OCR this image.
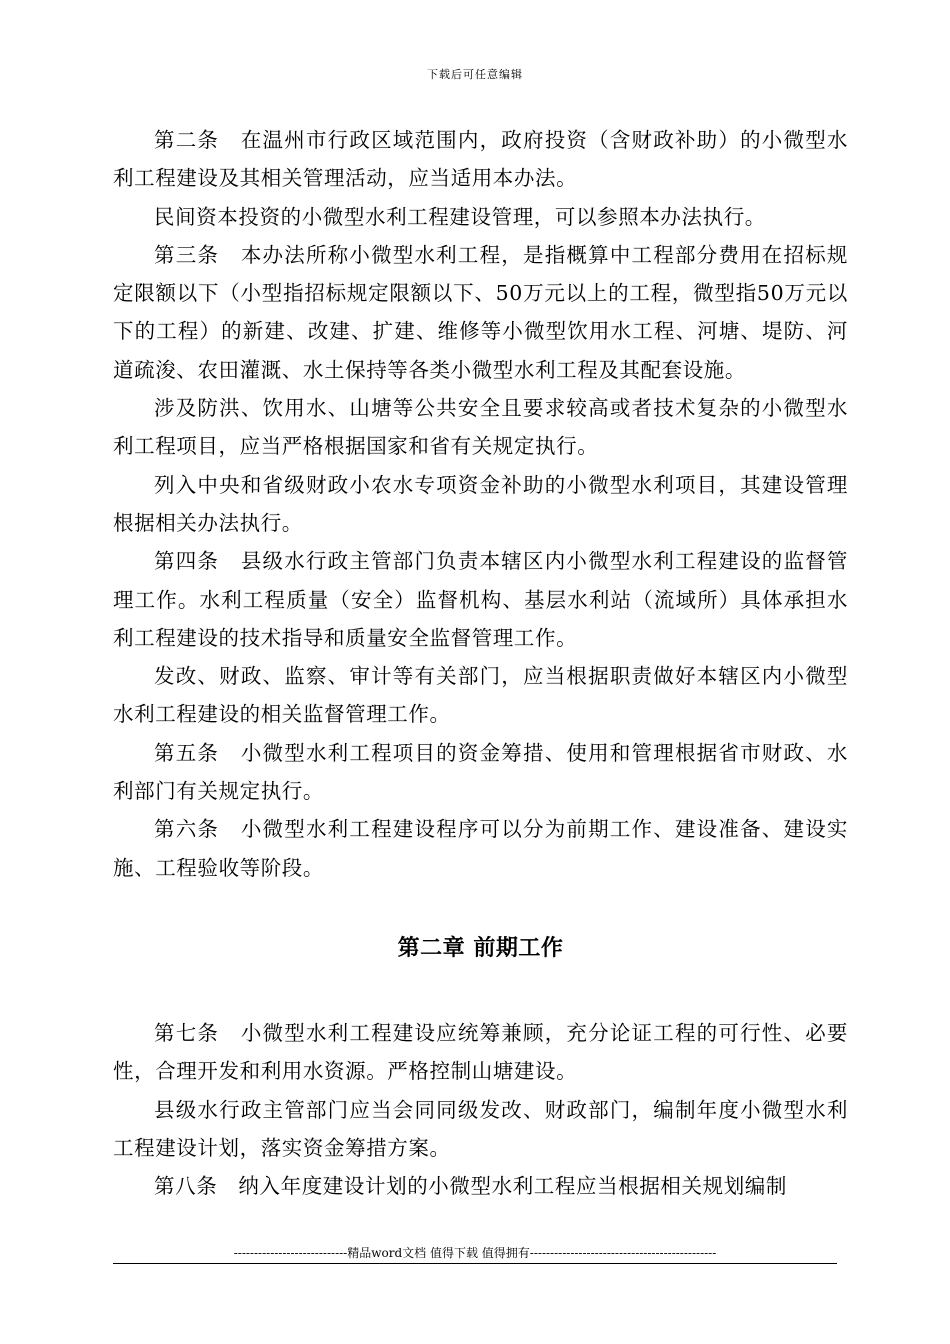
下载后可任意编辑

第二条　在温州市行政区域范围内，政府投资（含财政补助）的小微型水利工程建设及其相关管理活动，应当适用本办法。

民间资本投资的小微型水利工程建设管理，可以参照本办法执行。

第三条　本办法所称小微型水利工程，是指概算中工程部分费用在招标规定限额以下（小型指招标规定限额以下、50万元以上的工程，微型指50万元以下的工程）的新建、改建、扩建、维修等小微型饮用水工程、河塘、堤防、河道疏浚、农田灌溉、水土保持等各类小微型水利工程及其配套设施。

涉及防洪、饮用水、山塘等公共安全且要求较高或者技术复杂的小微型水利工程项目，应当严格根据国家和省有关规定执行。

列入中央和省级财政小农水专项资金补助的小微型水利项目，其建设管理根据相关办法执行。

第四条　县级水行政主管部门负责本辖区内小微型水利工程建设的监督管理工作。水利工程质量（安全）监督机构、基层水利站（流域所）具体承担水利工程建设的技术指导和质量安全监督管理工作。

发改、财政、监察、审计等有关部门，应当根据职责做好本辖区内小微型水利工程建设的相关监督管理工作。

第五条　小微型水利工程项目的资金筹措、使用和管理根据省市财政、水利部门有关规定执行。

第六条　小微型水利工程建设程序可以分为前期工作、建设准备、建设实施、工程验收等阶段。

第二章 前期工作

第七条　小微型水利工程建设应统筹兼顾，充分论证工程的可行性、必要性，合理开发和利用水资源。严格控制山塘建设。

县级水行政主管部门应当会同同级发改、财政部门，编制年度小微型水利工程建设计划，落实资金筹措方案。

第八条　纳入年度建设计划的小微型水利工程应当根据相关规划编制

----------------------------精品word文档 值得下载 值得拥有----------------------------------------------
